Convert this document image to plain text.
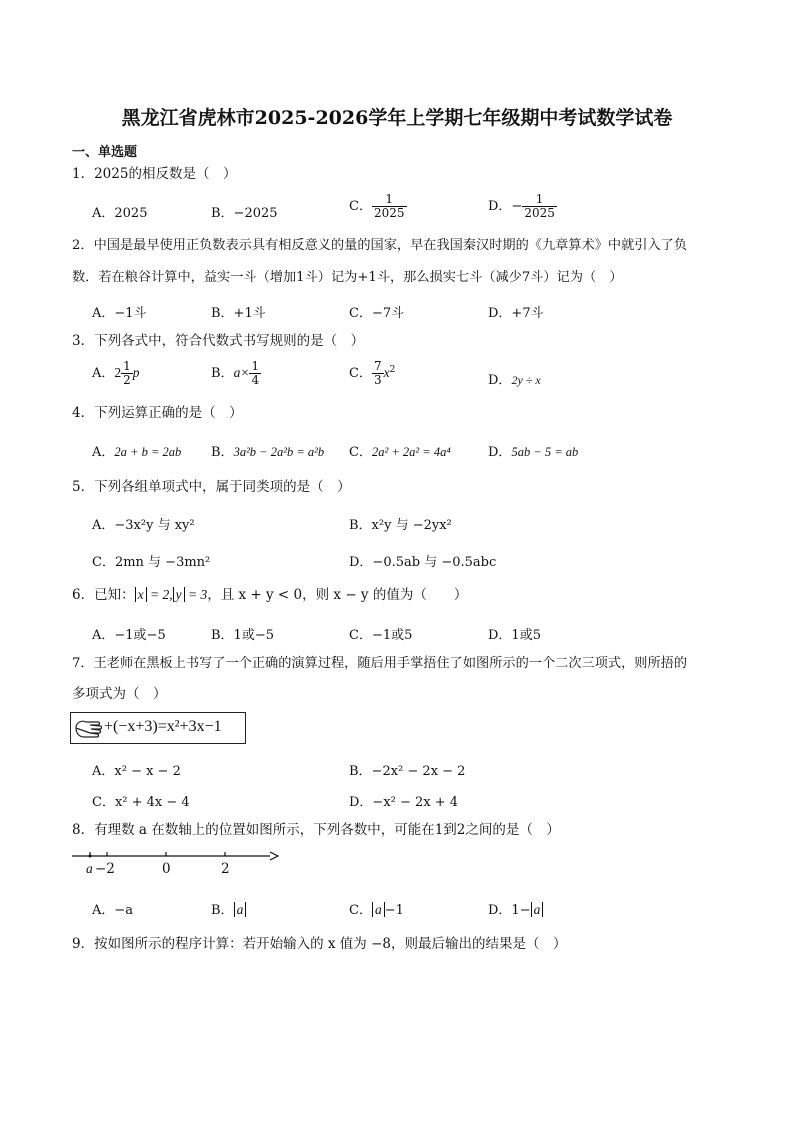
黑龙江省虎林市2025-2026学年上学期七年级期中考试数学试卷
一、单选题
1．2025的相反数是（　）
A．2025	B．−2025	C． $\frac{1}{2025}$	D．− $\frac{1}{2025}$
2．中国是最早使用正负数表示具有相反意义的量的国家，早在我国秦汉时期的《九章算术》中就引入了负
数．若在粮谷计算中，益实一斗（增加1斗）记为+1斗，那么损实七斗（减少7斗）记为（　）
A．−1斗	B．+1斗	C．−7斗	D．+7斗
3．下列各式中，符合代数式书写规则的是（　）
A．$2 \frac{1}{2}$ p	B．$a\times \frac{1}{4}$	C． $\frac{7}{3} x^2$
D．2y ÷ x
4．下列运算正确的是（　）
A．2a + b = 2ab B．3a²b − 2a²b = a²b C．2a² + 2a² = 4a⁴	D．5ab − 5 = ab
5．下列各组单项式中，属于同类项的是（　）
A．−3x²y 与 xy²	B．x²y 与 −2yx²
C．2mn 与 −3mn²	D．−0.5ab 与 −0.5abc
6．已知： x = 2, y = 3，且 x + y < 0，则 x − y 的值为（　　）
A．−1或−5	B．1或−5	C．−1或5	D．1或5
7．王老师在黑板上书写了一个正确的演算过程，随后用手掌捂住了如图所示的一个二次三项式，则所捂的
多项式为（　）
+(−x+3)=x²+3x−1
A．x² − x − 2	B．−2x² − 2x − 2
C．x² + 4x − 4	D．−x² − 2x + 4
8．有理数 a 在数轴上的位置如图所示，下列各数中，可能在1到2之间的是（　）
a −2	0	2
A．−a	B． a	C． a −1	D．1− a
9．按如图所示的程序计算：若开始输入的 x 值为 −8，则最后输出的结果是（　）
